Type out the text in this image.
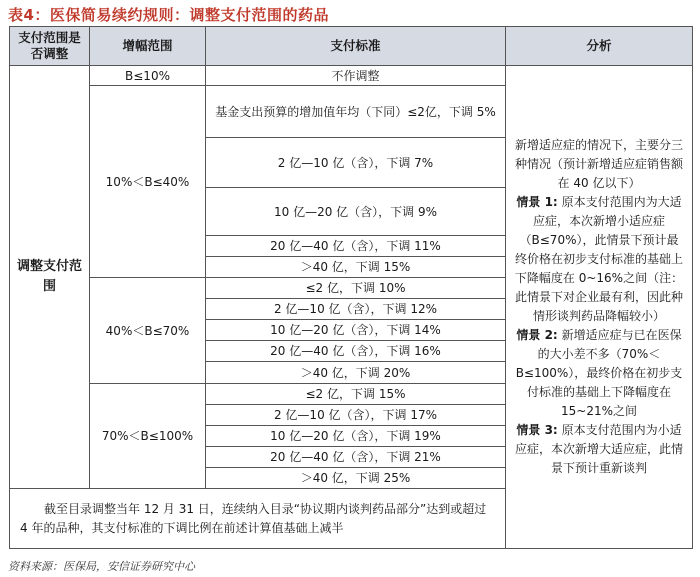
表4：医保简易续约规则：调整支付范围的药品
支付范围是否调整	增幅范围	支付标准	分析
调整支付范围	B≤10%	不作调整	新增适应症的情况下，主要分三种情况（预计新增适应症销售额在 40 亿以下）
情景 1: 原本支付范围内为大适应症，本次新增小适应症（B≤70%），此情景下预计最终价格在初步支付标准的基础上下降幅度在 0~16%之间（注：此情景下对企业最有利，因此种情形谈判药品降幅较小）
情景 2: 新增适应症与已在医保的大小差不多（70%＜B≤100%），最终价格在初步支付标准的基础上下降幅度在 15~21%之间
情景 3: 原本支付范围内为小适应症，本次新增大适应症，此情景下预计重新谈判
	10%＜B≤40%	基金支出预算的增加值年均（下同）≤2亿，下调 5%	
		2 亿—10 亿（含），下调 7%	
		10 亿—20 亿（含），下调 9%	
		20 亿—40 亿（含），下调 11%	
		＞40 亿，下调 15%	
	40%＜B≤70%	≤2 亿，下调 10%	
		2 亿—10 亿（含），下调 12%	
		10 亿—20 亿（含），下调 14%	
		20 亿—40 亿（含），下调 16%	
		＞40 亿，下调 20%	
	70%＜B≤100%	≤2 亿，下调 15%	
		2 亿—10 亿（含），下调 17%	
		10 亿—20 亿（含），下调 19%	
		20 亿—40 亿（含），下调 21%	
		＞40 亿，下调 25%	
截至目录调整当年 12 月 31 日，连续纳入目录“协议期内谈判药品部分”达到或超过 4 年的品种，其支付标准的下调比例在前述计算值基础上减半			
资料来源：医保局，安信证券研究中心
